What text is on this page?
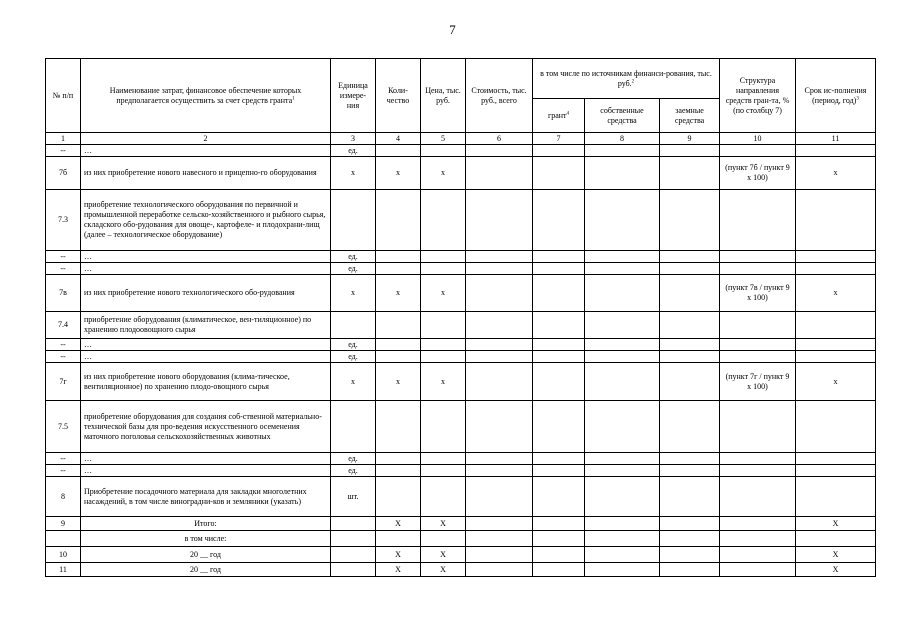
7
№ п/п	Наименование затрат, финансовое обеспечение которых предполагается осуществить за счет средств гранта$^1$	Единица измере-ния	Коли-чество	Цена, тыс. руб.	Стоимость, тыс. руб., всего	в том числе по источникам финанси-рования, тыс. руб.$^2$			Структура направления средств гран-та, % (по столбцу 7)	Срок ис-полнения (период, год)$^3$
						грант$^4$	собственные средства	заемные средства		
1	2	3	4	5	6	7	8	9	10	11
--	…	ед.								
7б	из них приобретение нового навесного и прицепно-го оборудования	х	х	х					(пункт 7б / пункт 9 х 100)	х
7.3	приобретение технологического оборудования по первичной и промышленной переработке сельско-хозяйственного и рыбного сырья, складского обо-рудования для овоще-, картофеле- и плодохрани-лищ (далее – технологическое оборудование)									
--	…	ед.								
--	…	ед.								
7в	из них приобретение нового технологического обо-рудования	х	х	х					(пункт 7в / пункт 9 х 100)	х
7.4	приобретение оборудования (климатическое, вен-тиляционное) по хранению плодоовощного сырья									
--	…	ед.								
--	…	ед.								
7г	из них приобретение нового оборудования (клима-тическое, вентиляционное) по хранению плодо-овощного сырья	х	х	х					(пункт 7г / пункт 9 х 100)	х
7.5	приобретение оборудования для создания соб-ственной материально-технической базы для про-ведения искусственного осеменения маточного поголовья сельскохозяйственных животных									
--	…	ед.								
--	…	ед.								
8	Приобретение посадочного материала для закладки многолетних насаждений, в том числе виноградни-ков и земляники (указать)	шт.								
9	Итого:		Х	Х						Х
	в том числе:									
10	20 __ год		Х	Х						Х
11	20 __ год		Х	Х						Х
